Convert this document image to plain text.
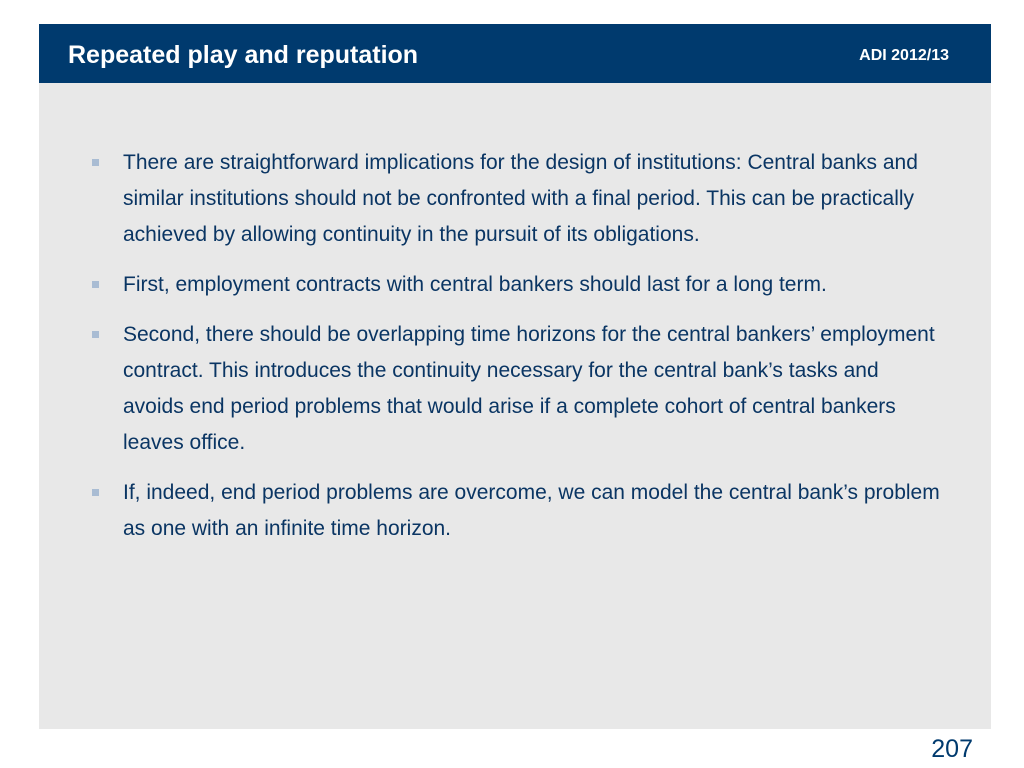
Repeated play and reputation	ADI 2012/13
There are straightforward implications for the design of institutions: Central banks and similar institutions should not be confronted with a final period. This can be practically achieved by allowing continuity in the pursuit of its obligations.
First, employment contracts with central bankers should last for a long term.
Second, there should be overlapping time horizons for the central bankers’ employment contract. This introduces the continuity necessary for the central bank’s tasks and avoids end period problems that would arise if a complete cohort of central bankers leaves office.
If, indeed, end period problems are overcome, we can model the central bank’s problem as one with an infinite time horizon.
207
